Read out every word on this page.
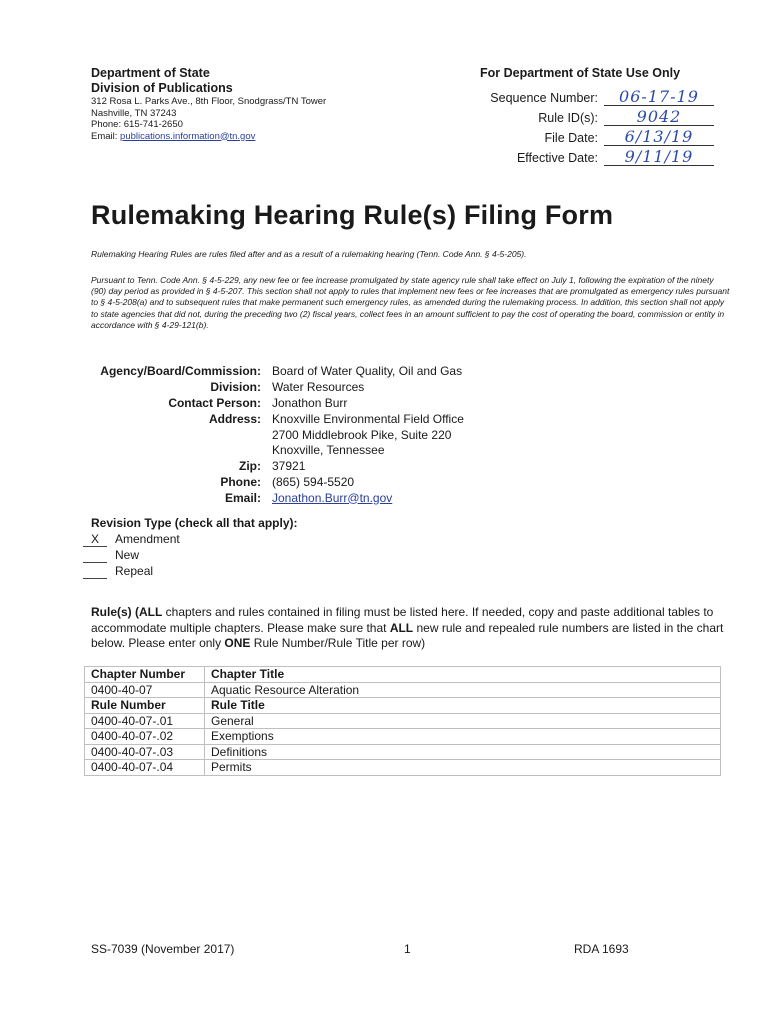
Department of State
Division of Publications
312 Rosa L. Parks Ave., 8th Floor, Snodgrass/TN Tower
Nashville, TN 37243
Phone: 615-741-2650
Email: publications.information@tn.gov
For Department of State Use Only
Sequence Number:	06-17-19
Rule ID(s):	9042
File Date:	6/13/19
Effective Date:	9/11/19
Rulemaking Hearing Rule(s) Filing Form
Rulemaking Hearing Rules are rules filed after and as a result of a rulemaking hearing (Tenn. Code Ann. § 4-5-205).
Pursuant to Tenn. Code Ann. § 4-5-229, any new fee or fee increase promulgated by state agency rule shall take effect on July 1, following the expiration of the ninety (90) day period as provided in § 4-5-207. This section shall not apply to rules that implement new fees or fee increases that are promulgated as emergency rules pursuant to § 4-5-208(a) and to subsequent rules that make permanent such emergency rules, as amended during the rulemaking process. In addition, this section shall not apply to state agencies that did not, during the preceding two (2) fiscal years, collect fees in an amount sufficient to pay the cost of operating the board, commission or entity in accordance with § 4-29-121(b).
Agency/Board/Commission: Board of Water Quality, Oil and Gas
Division: Water Resources
Contact Person: Jonathon Burr
Address: Knoxville Environmental Field Office
2700 Middlebrook Pike, Suite 220
Knoxville, Tennessee
Zip: 37921
Phone: (865) 594-5520
Email: Jonathon.Burr@tn.gov
Revision Type (check all that apply):
X	Amendment
New
Repeal
Rule(s) (ALL chapters and rules contained in filing must be listed here. If needed, copy and paste additional tables to accommodate multiple chapters. Please make sure that ALL new rule and repealed rule numbers are listed in the chart below. Please enter only ONE Rule Number/Rule Title per row)
Chapter Number	Chapter Title
0400-40-07	Aquatic Resource Alteration
Rule Number	Rule Title
0400-40-07-.01	General
0400-40-07-.02	Exemptions
0400-40-07-.03	Definitions
0400-40-07-.04	Permits
SS-7039 (November 2017)	1	RDA 1693
